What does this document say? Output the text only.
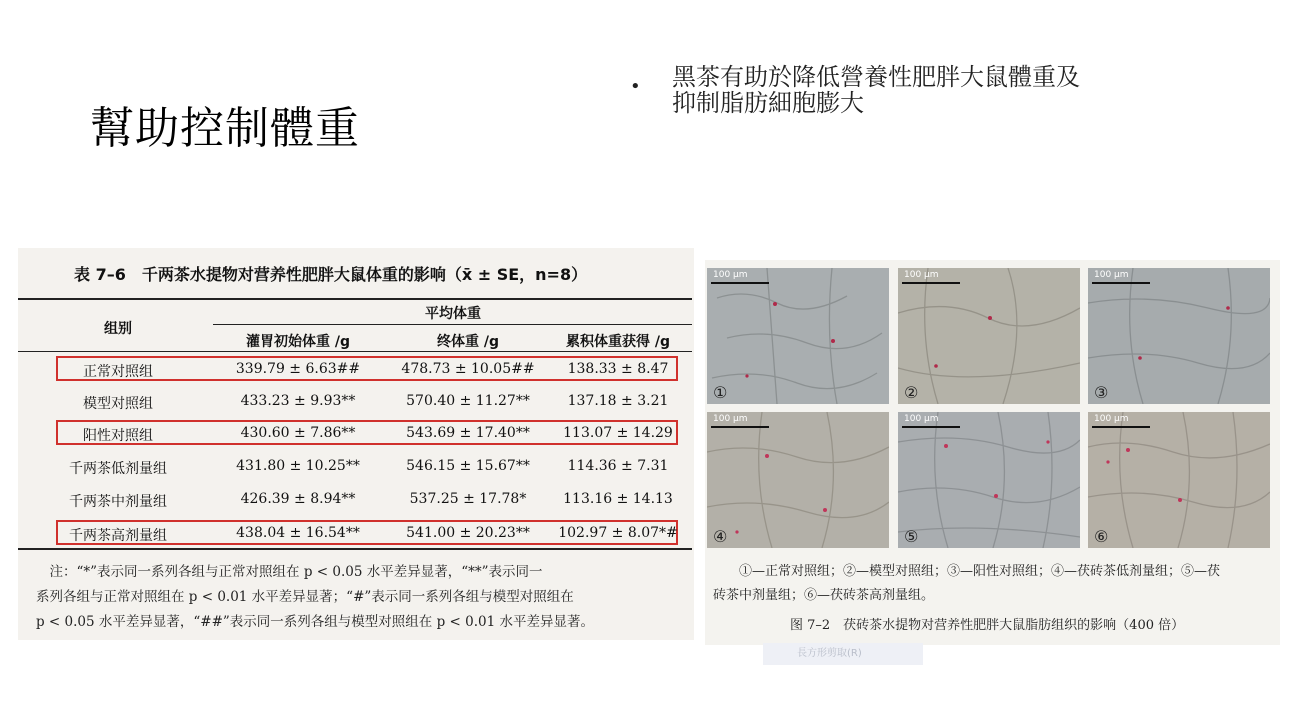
幫助控制體重
• 黑茶有助於降低營養性肥胖大鼠體重及
抑制脂肪細胞膨大
表 7–6　千两茶水提物对营养性肥胖大鼠体重的影响（x̄ ± SE，n=8）
组别
平均体重
灌胃初始体重 /g	终体重 /g	累积体重获得 /g
正常对照组	339.79 ± 6.63##	478.73 ± 10.05##	138.33 ± 8.47
模型对照组	433.23 ± 9.93**	570.40 ± 11.27**	137.18 ± 3.21
阳性对照组	430.60 ± 7.86**	543.69 ± 17.40**	113.07 ± 14.29
千两茶低剂量组	431.80 ± 10.25**	546.15 ± 15.67**	114.36 ± 7.31
千两茶中剂量组	426.39 ± 8.94**	537.25 ± 17.78*	113.16 ± 14.13
千两茶高剂量组	438.04 ± 16.54**	541.00 ± 20.23**	102.97 ± 8.07*#

　注：“*”表示同一系列各组与正常对照组在 p < 0.05 水平差异显著，“**”表示同一

系列各组与正常对照组在 p < 0.01 水平差异显著；“#”表示同一系列各组与模型对照组在

p < 0.05 水平差异显著，“##”表示同一系列各组与模型对照组在 p < 0.01 水平差异显著。

100 μm
①
100 μm
②
100 μm
③
100 μm
④
100 μm
⑤
100 μm
⑥
　　①—正常对照组；②—模型对照组；③—阳性对照组；④—茯砖茶低剂量组；⑤—茯
砖茶中剂量组；⑥—茯砖茶高剂量组。
图 7–2　茯砖茶水提物对营养性肥胖大鼠脂肪组织的影响（400 倍）
長方形剪取(R)
